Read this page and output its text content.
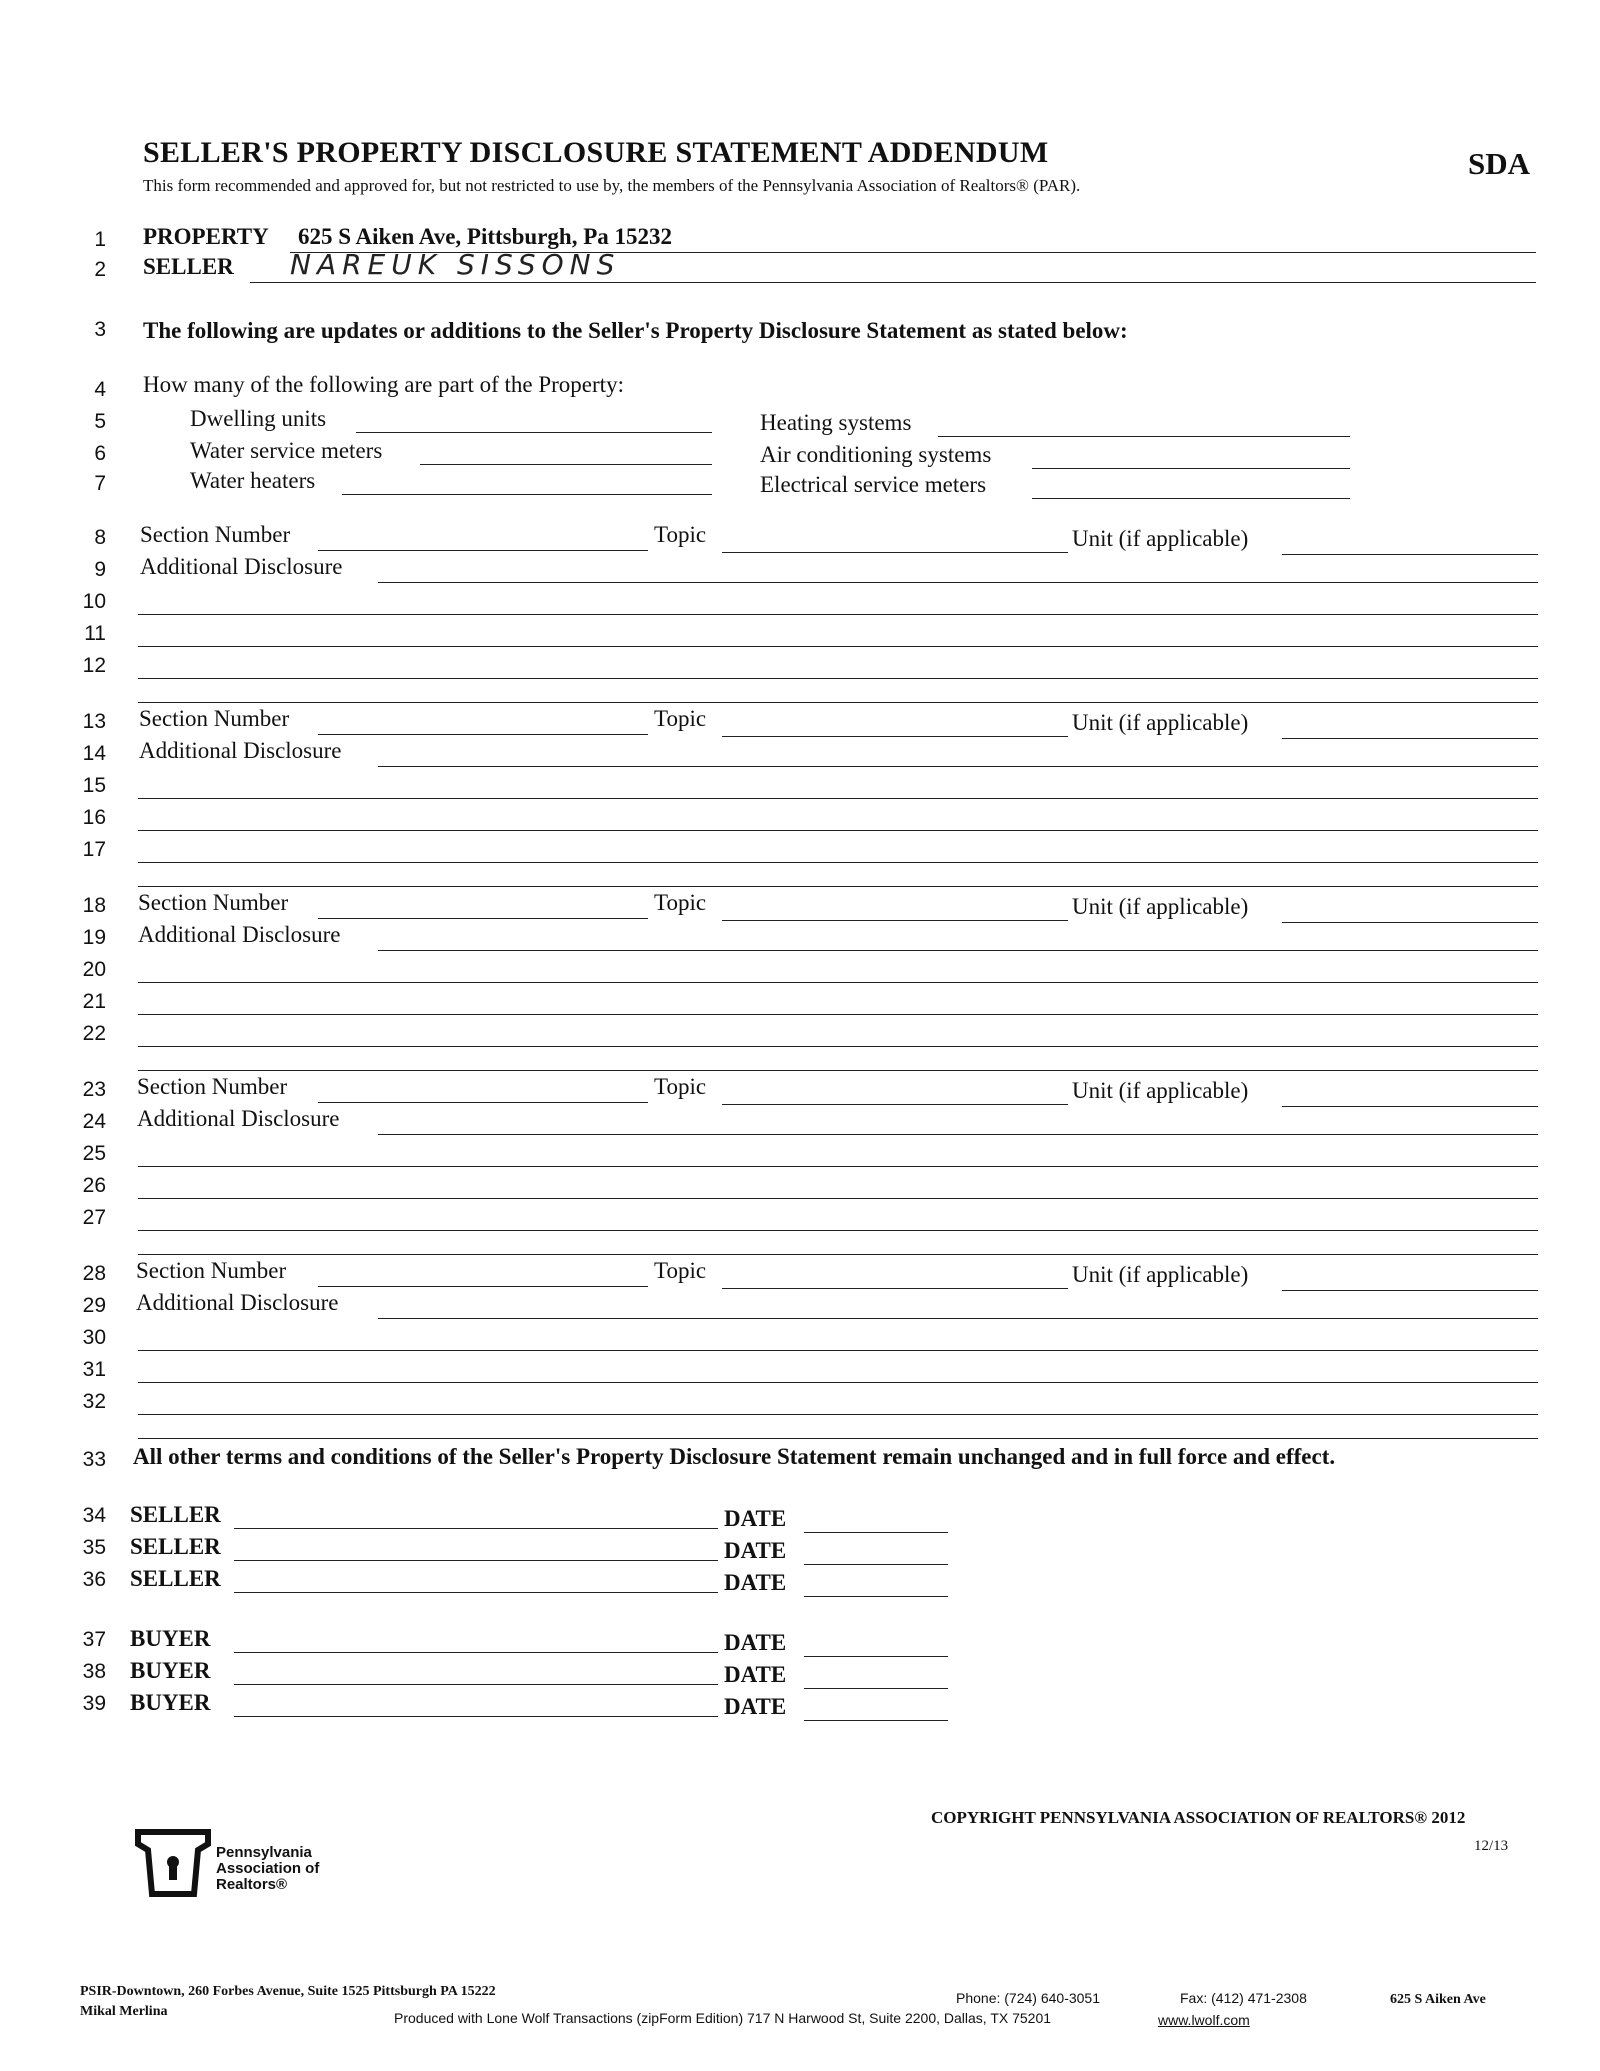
SELLER'S PROPERTY DISCLOSURE STATEMENT ADDENDUM
This form recommended and approved for, but not restricted to use by, the members of the Pennsylvania Association of Realtors® (PAR).
SDA
1 PROPERTY 625 S Aiken Ave, Pittsburgh, Pa 15232
2 SELLER NAREUK SISSONS
3 The following are updates or additions to the Seller's Property Disclosure Statement as stated below:
4 How many of the following are part of the Property:
5	Dwelling units	Heating systems
6	Water service meters	Air conditioning systems
7	Water heaters	Electrical service meters
8 Section Number	Topic	Unit (if applicable)
9 Additional Disclosure
10
11
12
13 Section Number	Topic	Unit (if applicable)
14 Additional Disclosure
15
16
17
18 Section Number	Topic	Unit (if applicable)
19 Additional Disclosure
20
21
22
23 Section Number	Topic	Unit (if applicable)
24 Additional Disclosure
25
26
27
28 Section Number	Topic	Unit (if applicable)
29 Additional Disclosure
30
31
32
33 All other terms and conditions of the Seller's Property Disclosure Statement remain unchanged and in full force and effect.
34 SELLER	DATE
35 SELLER	DATE
36 SELLER	DATE
37 BUYER	DATE
38 BUYER	DATE
39 BUYER	DATE
COPYRIGHT PENNSYLVANIA ASSOCIATION OF REALTORS® 2012
12/13
Pennsylvania Association of Realtors®
PSIR-Downtown, 260 Forbes Avenue, Suite 1525 Pittsburgh PA 15222
Mikal Merlina
Phone: (724) 640-3051	Fax: (412) 471-2308	625 S Aiken Ave
Produced with Lone Wolf Transactions (zipForm Edition) 717 N Harwood St, Suite 2200, Dallas, TX 75201	www.lwolf.com
